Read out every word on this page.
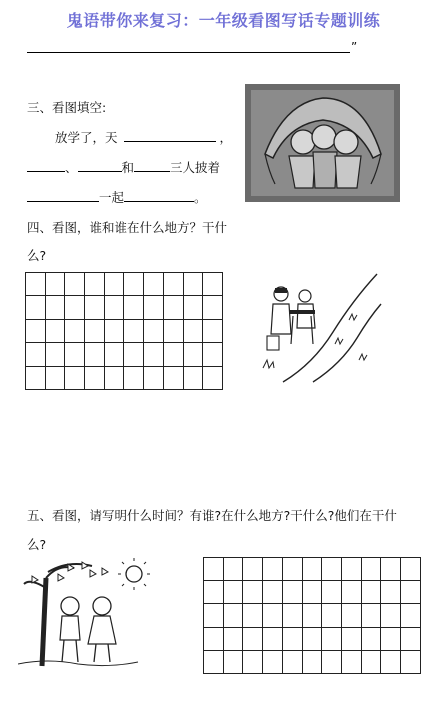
鬼语带你来复习：一年级看图写话专题训练
”
三、看图填空:
放学了，天	，
、	和	三人披着
一起	。
四、看图，谁和谁在什么地方？干什
么?

五、看图，请写明什么时间？有谁?在什么地方?干什么?他们在干什
么?
